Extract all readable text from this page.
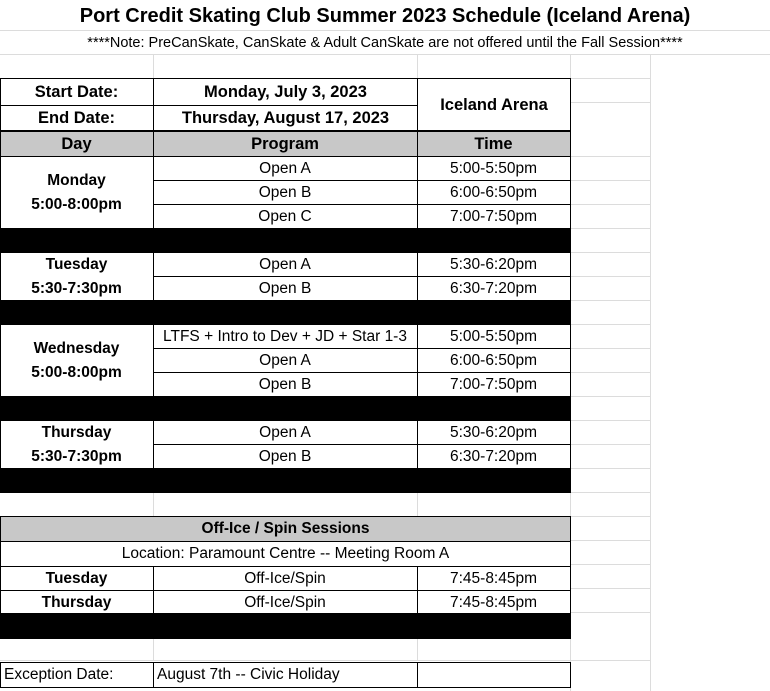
Port Credit Skating Club Summer 2023 Schedule (Iceland Arena)
****Note: PreCanSkate, CanSkate & Adult CanSkate are not offered until the Fall Session****
Start Date:	Monday, July 3, 2023
End Date:	Thursday, August 17, 2023
Iceland Arena
Day	Program	Time
Monday
5:00-8:00pm
Open A	5:00-5:50pm
Open B	6:00-6:50pm
Open C	7:00-7:50pm
Tuesday
5:30-7:30pm
Open A	5:30-6:20pm
Open B	6:30-7:20pm
Wednesday
5:00-8:00pm
LTFS + Intro to Dev + JD + Star 1-3	5:00-5:50pm
Open A	6:00-6:50pm
Open B	7:00-7:50pm
Thursday
5:30-7:30pm
Open A	5:30-6:20pm
Open B	6:30-7:20pm
Off-Ice / Spin Sessions
Location: Paramount Centre -- Meeting Room A
Tuesday	Off-Ice/Spin	7:45-8:45pm
Thursday	Off-Ice/Spin	7:45-8:45pm
Exception Date:	August 7th -- Civic Holiday
